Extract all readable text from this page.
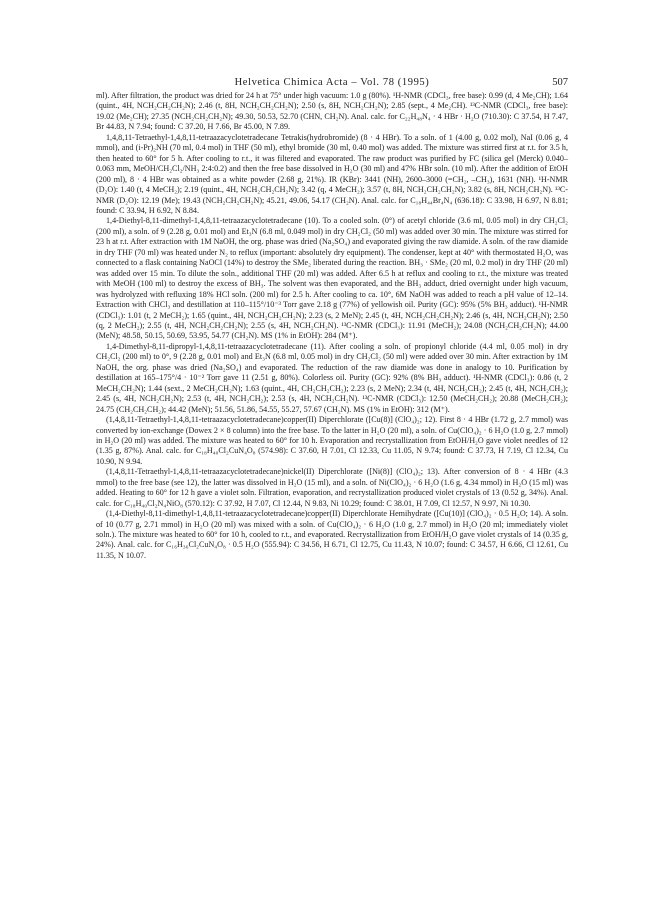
Helvetica Chimica Acta – Vol. 78 (1995)	507

ml). After filtration, the product was dried for 24 h at 75° under high vacuum: 1.0 g (80%). ¹H-NMR (CDCl₃, free base): 0.99 (d, 4 Me₂CH); 1.64 (quint., 4H, NCH₂CH₂CH₂N); 2.46 (t, 8H, NCH₂CH₂CH₂N); 2.50 (s, 8H, NCH₂CH₂N); 2.85 (sept., 4 Me₂CH). ¹³C-NMR (CDCl₃, free base): 19.02 (Me₂CH); 27.35 (NCH₂CH₂CH₂N); 49.30, 50.53, 52.70 (CHN, CH₂N). Anal. calc. for C₂₂H₄₈N₄ · 4 HBr · H₂O (710.30): C 37.54, H 7.47, Br 44.83, N 7.94; found: C 37.20, H 7.66, Br 45.00, N 7.89.

1,4,8,11-Tetraethyl-1,4,8,11-tetraazacyclotetradecane Tetrakis(hydrobromide) (8 · 4 HBr). To a soln. of 1 (4.00 g, 0.02 mol), NaI (0.06 g, 4 mmol), and (i-Pr)₂NH (70 ml, 0.4 mol) in THF (50 ml), ethyl bromide (30 ml, 0.40 mol) was added. The mixture was stirred first at r.t. for 3.5 h, then heated to 60° for 5 h. After cooling to r.t., it was filtered and evaporated. The raw product was purified by FC (silica gel (Merck) 0.040–0.063 mm, MeOH/CH₂Cl₂/NH₃ 2:4:0.2) and then the free base dissolved in H₂O (30 ml) and 47% HBr soln. (10 ml). After the addition of EtOH (200 ml), 8 · 4 HBr was obtained as a white powder (2.68 g, 21%). IR (KBr): 3441 (NH), 2600–3000 (=CH₂, –CH₃), 1631 (NH). ¹H-NMR (D₂O): 1.40 (t, 4 MeCH₂); 2.19 (quint., 4H, NCH₂CH₂CH₂N); 3.42 (q, 4 MeCH₂); 3.57 (t, 8H, NCH₂CH₂CH₂N); 3.82 (s, 8H, NCH₂CH₂N). ¹³C-NMR (D₂O): 12.19 (Me); 19.43 (NCH₂CH₂CH₂N); 45.21, 49.06, 54.17 (CH₂N). Anal. calc. for C₁₈H₄₄Br₄N₄ (636.18): C 33.98, H 6.97, N 8.81; found: C 33.94, H 6.92, N 8.84.

1,4-Diethyl-8,11-dimethyl-1,4,8,11-tetraazacyclotetradecane (10). To a cooled soln. (0°) of acetyl chloride (3.6 ml, 0.05 mol) in dry CH₂Cl₂ (200 ml), a soln. of 9 (2.28 g, 0.01 mol) and Et₃N (6.8 ml, 0.049 mol) in dry CH₂Cl₂ (50 ml) was added over 30 min. The mixture was stirred for 23 h at r.t. After extraction with 1M NaOH, the org. phase was dried (Na₂SO₄) and evaporated giving the raw diamide. A soln. of the raw diamide in dry THF (70 ml) was heated under N₂ to reflux (important: absolutely dry equipment). The condenser, kept at 40° with thermostated H₂O, was connected to a flask containing NaOCl (14%) to destroy the SMe₂ liberated during the reaction. BH₃ · SMe₂ (20 ml, 0.2 mol) in dry THF (20 ml) was added over 15 min. To dilute the soln., additional THF (20 ml) was added. After 6.5 h at reflux and cooling to r.t., the mixture was treated with MeOH (100 ml) to destroy the excess of BH₃. The solvent was then evaporated, and the BH₃ adduct, dried overnight under high vacuum, was hydrolyzed with refluxing 18% HCl soln. (200 ml) for 2.5 h. After cooling to ca. 10°, 6M NaOH was added to reach a pH value of 12–14. Extraction with CHCl₃ and destillation at 110–115°/10⁻³ Torr gave 2.18 g (77%) of yellowish oil. Purity (GC): 95% (5% BH₃ adduct). ¹H-NMR (CDCl₃): 1.01 (t, 2 MeCH₂); 1.65 (quint., 4H, NCH₂CH₂CH₂N); 2.23 (s, 2 MeN); 2.45 (t, 4H, NCH₂CH₂CH₂N); 2.46 (s, 4H, NCH₂CH₂N); 2.50 (q, 2 MeCH₂); 2.55 (t, 4H, NCH₂CH₂CH₂N); 2.55 (s, 4H, NCH₂CH₂N). ¹³C-NMR (CDCl₃): 11.91 (MeCH₂); 24.08 (NCH₂CH₂CH₂N); 44.00 (MeN); 48.58, 50.15, 50.69, 53.95, 54.77 (CH₂N). MS (1% in EtOH): 284 (M⁺).

1,4-Dimethyl-8,11-dipropyl-1,4,8,11-tetraazacyclotetradecane (11). After cooling a soln. of propionyl chloride (4.4 ml, 0.05 mol) in dry CH₂Cl₂ (200 ml) to 0°, 9 (2.28 g, 0.01 mol) and Et₃N (6.8 ml, 0.05 mol) in dry CH₂Cl₂ (50 ml) were added over 30 min. After extraction by 1M NaOH, the org. phase was dried (Na₂SO₄) and evaporated. The reduction of the raw diamide was done in analogy to 10. Purification by destillation at 165–175°/4 · 10⁻² Torr gave 11 (2.51 g, 80%). Colorless oil. Purity (GC): 92% (8% BH₃ adduct). ¹H-NMR (CDCl₃): 0.86 (t, 2 MeCH₂CH₂N); 1.44 (sext., 2 MeCH₂CH₂N); 1.63 (quint., 4H, CH₂CH₂CH₂); 2.23 (s, 2 MeN); 2.34 (t, 4H, NCH₂CH₂); 2.45 (t, 4H, NCH₂CH₂); 2.45 (s, 4H, NCH₂CH₂N); 2.53 (t, 4H, NCH₂CH₂); 2.53 (s, 4H, NCH₂CH₂N). ¹³C-NMR (CDCl₃): 12.50 (MeCH₂CH₂); 20.88 (MeCH₂CH₂); 24.75 (CH₂CH₂CH₂); 44.42 (MeN); 51.56, 51.86, 54.55, 55.27, 57.67 (CH₂N). MS (1% in EtOH): 312 (M⁺).

(1,4,8,11-Tetraethyl-1,4,8,11-tetraazacyclotetradecane)copper(II) Diperchlorate ([Cu(8)] (ClO₄)₂; 12). First 8 · 4 HBr (1.72 g, 2.7 mmol) was converted by ion-exchange (Dowex 2 × 8 column) into the free base. To the latter in H₂O (20 ml), a soln. of Cu(ClO₄)₂ · 6 H₂O (1.0 g, 2.7 mmol) in H₂O (20 ml) was added. The mixture was heated to 60° for 10 h. Evaporation and recrystallization from EtOH/H₂O gave violet needles of 12 (1.35 g, 87%). Anal. calc. for C₁₈H₄₀Cl₂CuN₄O₈ (574.98): C 37.60, H 7.01, Cl 12.33, Cu 11.05, N 9.74; found: C 37.73, H 7.19, Cl 12.34, Cu 10.90, N 9.94.

(1,4,8,11-Tetraethyl-1,4,8,11-tetraazacyclotetradecane)nickel(II) Diperchlorate ([Ni(8)] (ClO₄)₂; 13). After conversion of 8 · 4 HBr (4.3 mmol) to the free base (see 12), the latter was dissolved in H₂O (15 ml), and a soln. of Ni(ClO₄)₂ · 6 H₂O (1.6 g, 4.34 mmol) in H₂O (15 ml) was added. Heating to 60° for 12 h gave a violet soln. Filtration, evaporation, and recrystallization produced violet crystals of 13 (0.52 g, 34%). Anal. calc. for C₁₈H₄₀Cl₂N₄NiO₈ (570.12): C 37.92, H 7.07, Cl 12.44, N 9.83, Ni 10.29; found: C 38.01, H 7.09, Cl 12.57, N 9.97, Ni 10.30.

(1,4-Diethyl-8,11-dimethyl-1,4,8,11-tetraazacyclotetradecane)copper(II) Diperchlorate Hemihydrate ([Cu(10)] (ClO₄)₂ · 0.5 H₂O; 14). A soln. of 10 (0.77 g, 2.71 mmol) in H₂O (20 ml) was mixed with a soln. of Cu(ClO₄)₂ · 6 H₂O (1.0 g, 2.7 mmol) in H₂O (20 ml; immediately violet soln.). The mixture was heated to 60° for 10 h, cooled to r.t., and evaporated. Recrystallization from EtOH/H₂O gave violet crystals of 14 (0.35 g, 24%). Anal. calc. for C₁₆H₃₆Cl₂CuN₄O₈ · 0.5 H₂O (555.94): C 34.56, H 6.71, Cl 12.75, Cu 11.43, N 10.07; found: C 34.57, H 6.66, Cl 12.61, Cu 11.35, N 10.07.
